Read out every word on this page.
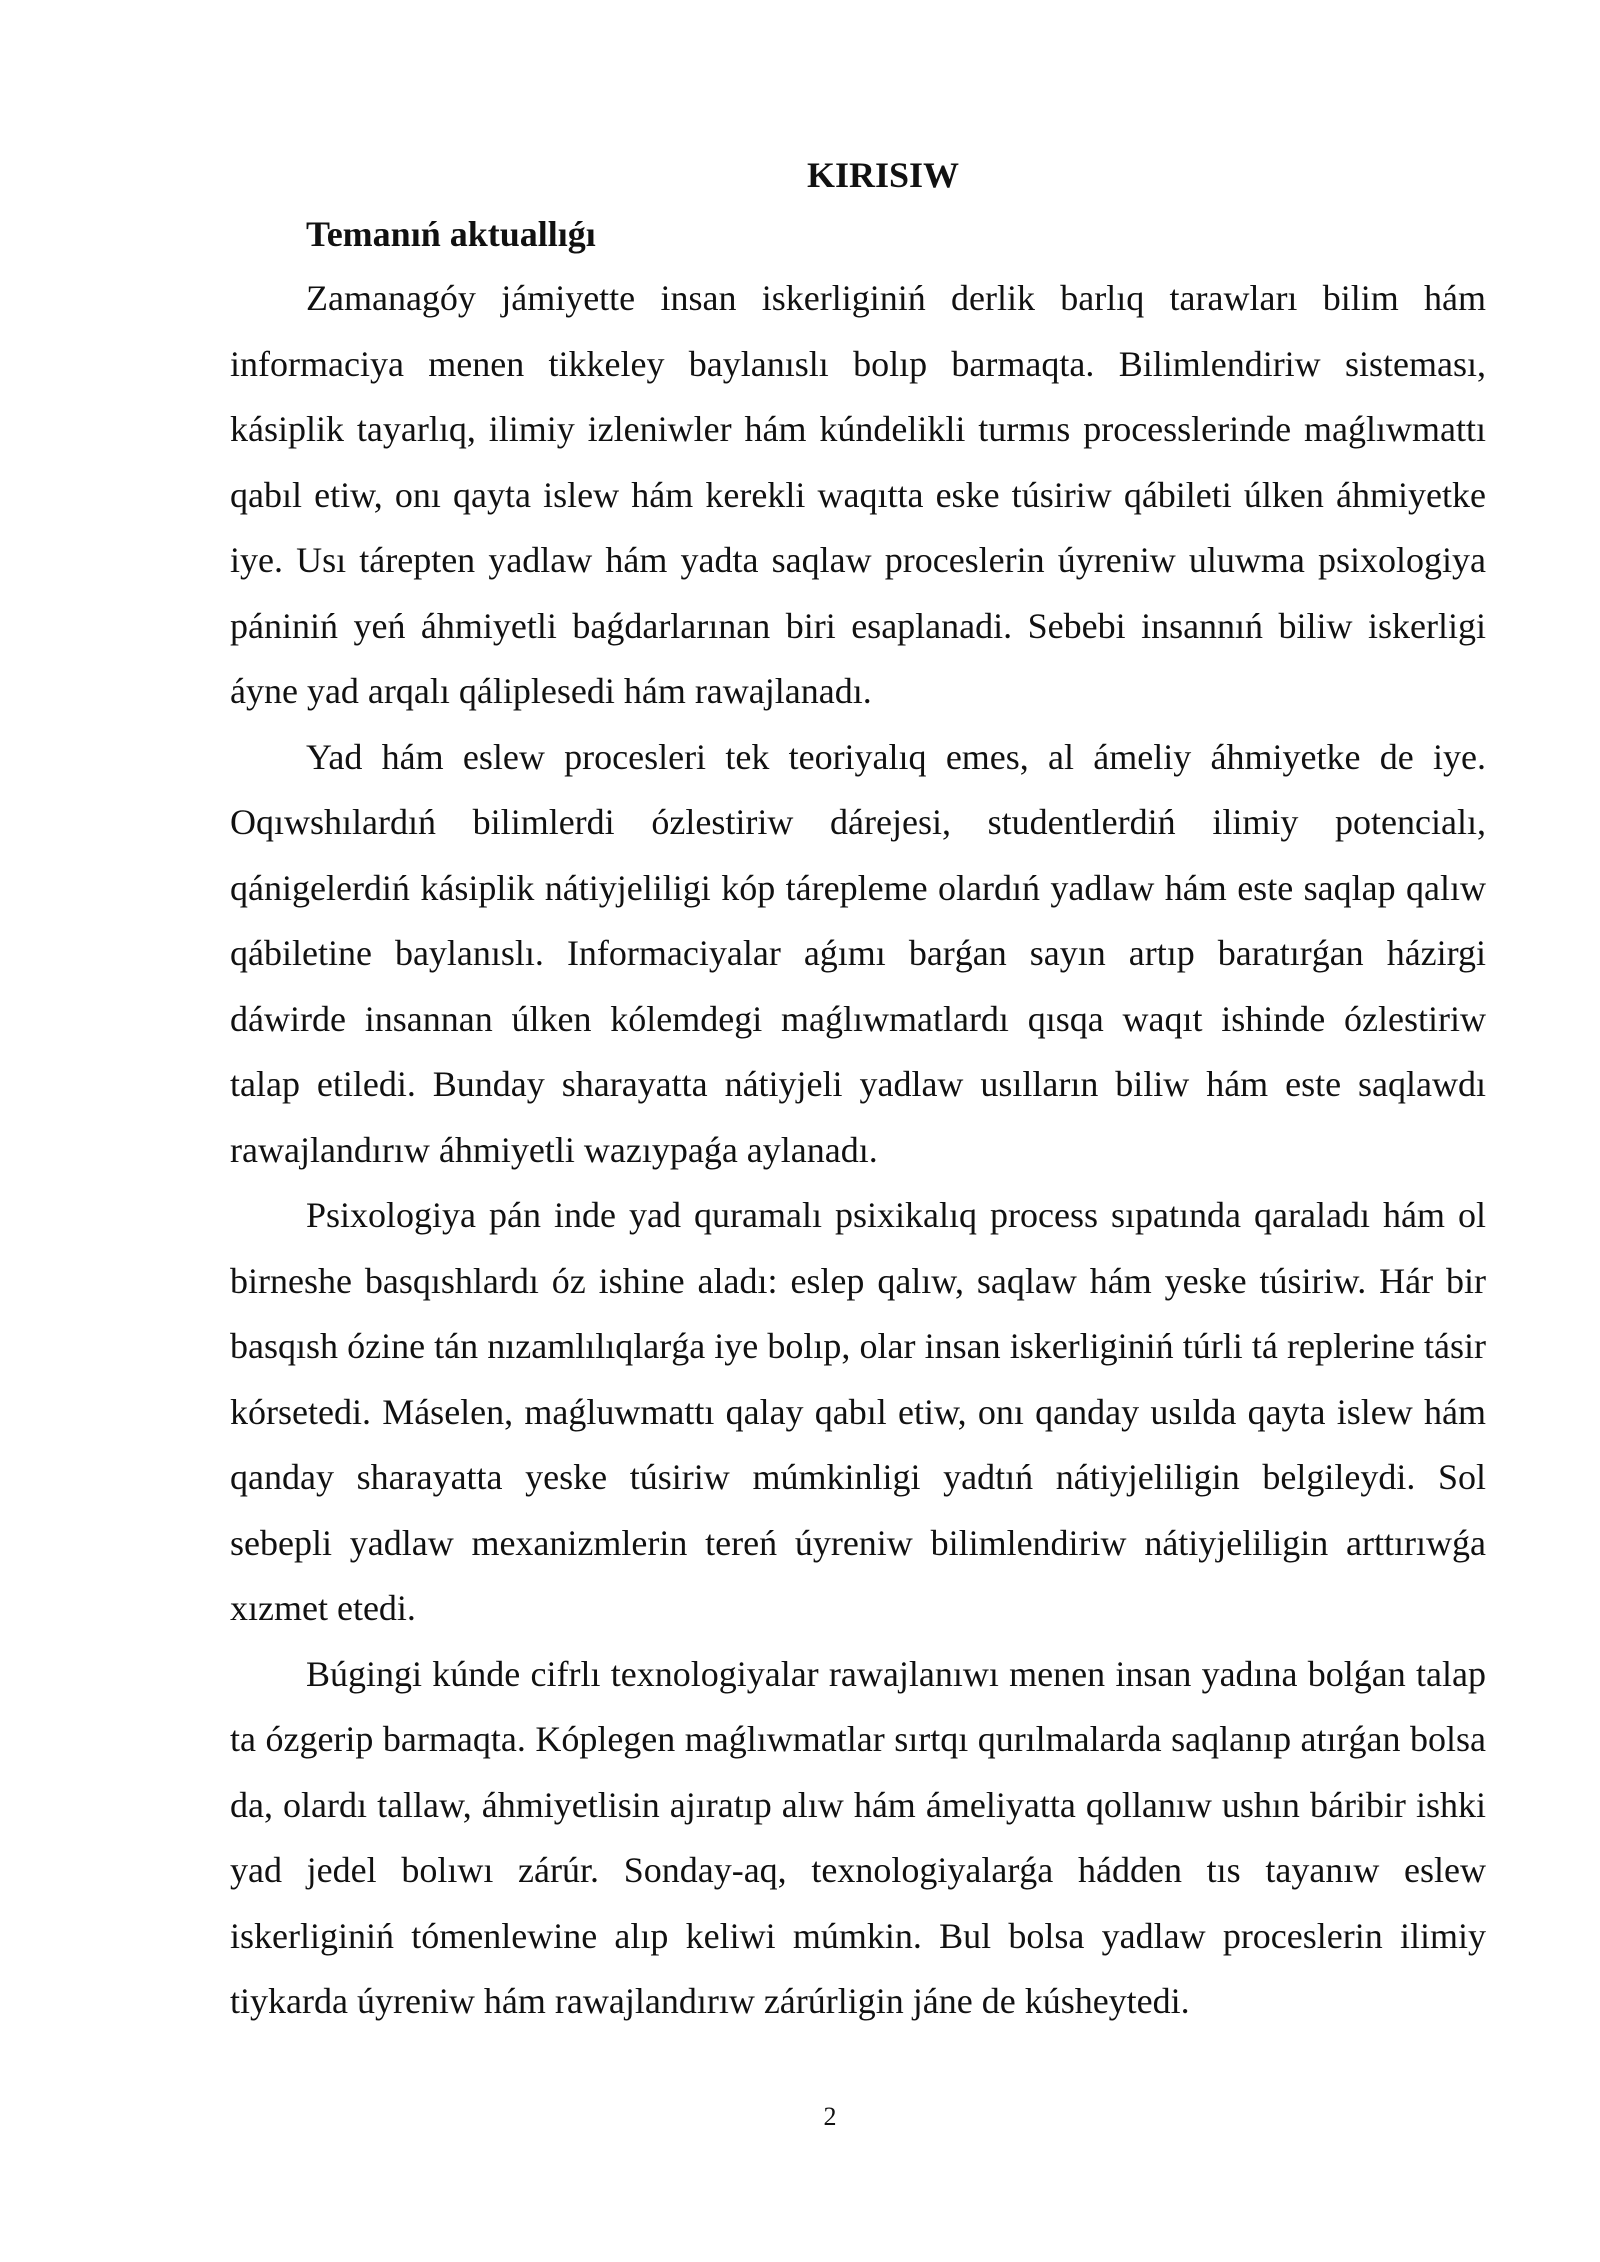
KIRISIW
Temanıń aktuallıǵı

Zamanagóy jámiyette insan iskerliginiń derlik barlıq tarawları bilim hám informaciya menen tikkeley baylanıslı bolıp barmaqta. Bilimlendiriw sisteması, kásiplik tayarlıq, ilimiy izleniwler hám kúndelikli turmıs processlerinde maǵlıwmattı qabıl etiw, onı qayta islew hám kerekli waqıtta eske túsiriw qábileti úlken áhmiyetke iye. Usı tárepten yadlaw hám yadta saqlaw proceslerin úyreniw uluwma psixologiya pániniń yeń áhmiyetli baǵdarlarınan biri esaplanadi. Sebebi insannıń biliw iskerligi áyne yad arqalı qáliplesedi hám rawajlanadı.

Yad hám eslew procesleri tek teoriyalıq emes, al ámeliy áhmiyetke de iye. Oqıwshılardıń bilimlerdi ózlestiriw dárejesi, studentlerdiń ilimiy potencialı, qánigelerdiń kásiplik nátiyjeliligi kóp tárepleme olardıń yadlaw hám este saqlap qalıw qábiletine baylanıslı. Informaciyalar aǵımı barǵan sayın artıp baratırǵan házirgi dáwirde insannan úlken kólemdegi maǵlıwmatlardı qısqa waqıt ishinde ózlestiriw talap etiledi. Bunday sharayatta nátiyjeli yadlaw usılların biliw hám este saqlawdı rawajlandırıw áhmiyetli wazıypaǵa aylanadı.

Psixologiya pán inde yad quramalı psixikalıq process sıpatında qaraladı hám ol birneshe basqıshlardı óz ishine aladı: eslep qalıw, saqlaw hám yeske túsiriw. Hár bir basqısh ózine tán nızamlılıqlarǵa iye bolıp, olar insan iskerliginiń túrli tá replerine tásir kórsetedi. Máselen, maǵluwmattı qalay qabıl etiw, onı qanday usılda qayta islew hám qanday sharayatta yeske túsiriw múmkinligi yadtıń nátiyjeliligin belgileydi. Sol sebepli yadlaw mexanizmlerin tereń úyreniw bilimlendiriw nátiyjeliligin arttırıwǵa xızmet etedi.

Búgingi kúnde cifrlı texnologiyalar rawajlanıwı menen insan yadına bolǵan talap ta ózgerip barmaqta. Kóplegen maǵlıwmatlar sırtqı qurılmalarda saqlanıp atırǵan bolsa da, olardı tallaw, áhmiyetlisin ajıratıp alıw hám ámeliyatta qollanıw ushın báribir ishki yad jedel bolıwı zárúr. Sonday-aq, texnologiyalarǵa hádden tıs tayanıw eslew iskerliginiń tómenlewine alıp keliwi múmkin. Bul bolsa yadlaw proceslerin ilimiy tiykarda úyreniw hám rawajlandırıw zárúrligin jáne de kúsheytedi.

2
